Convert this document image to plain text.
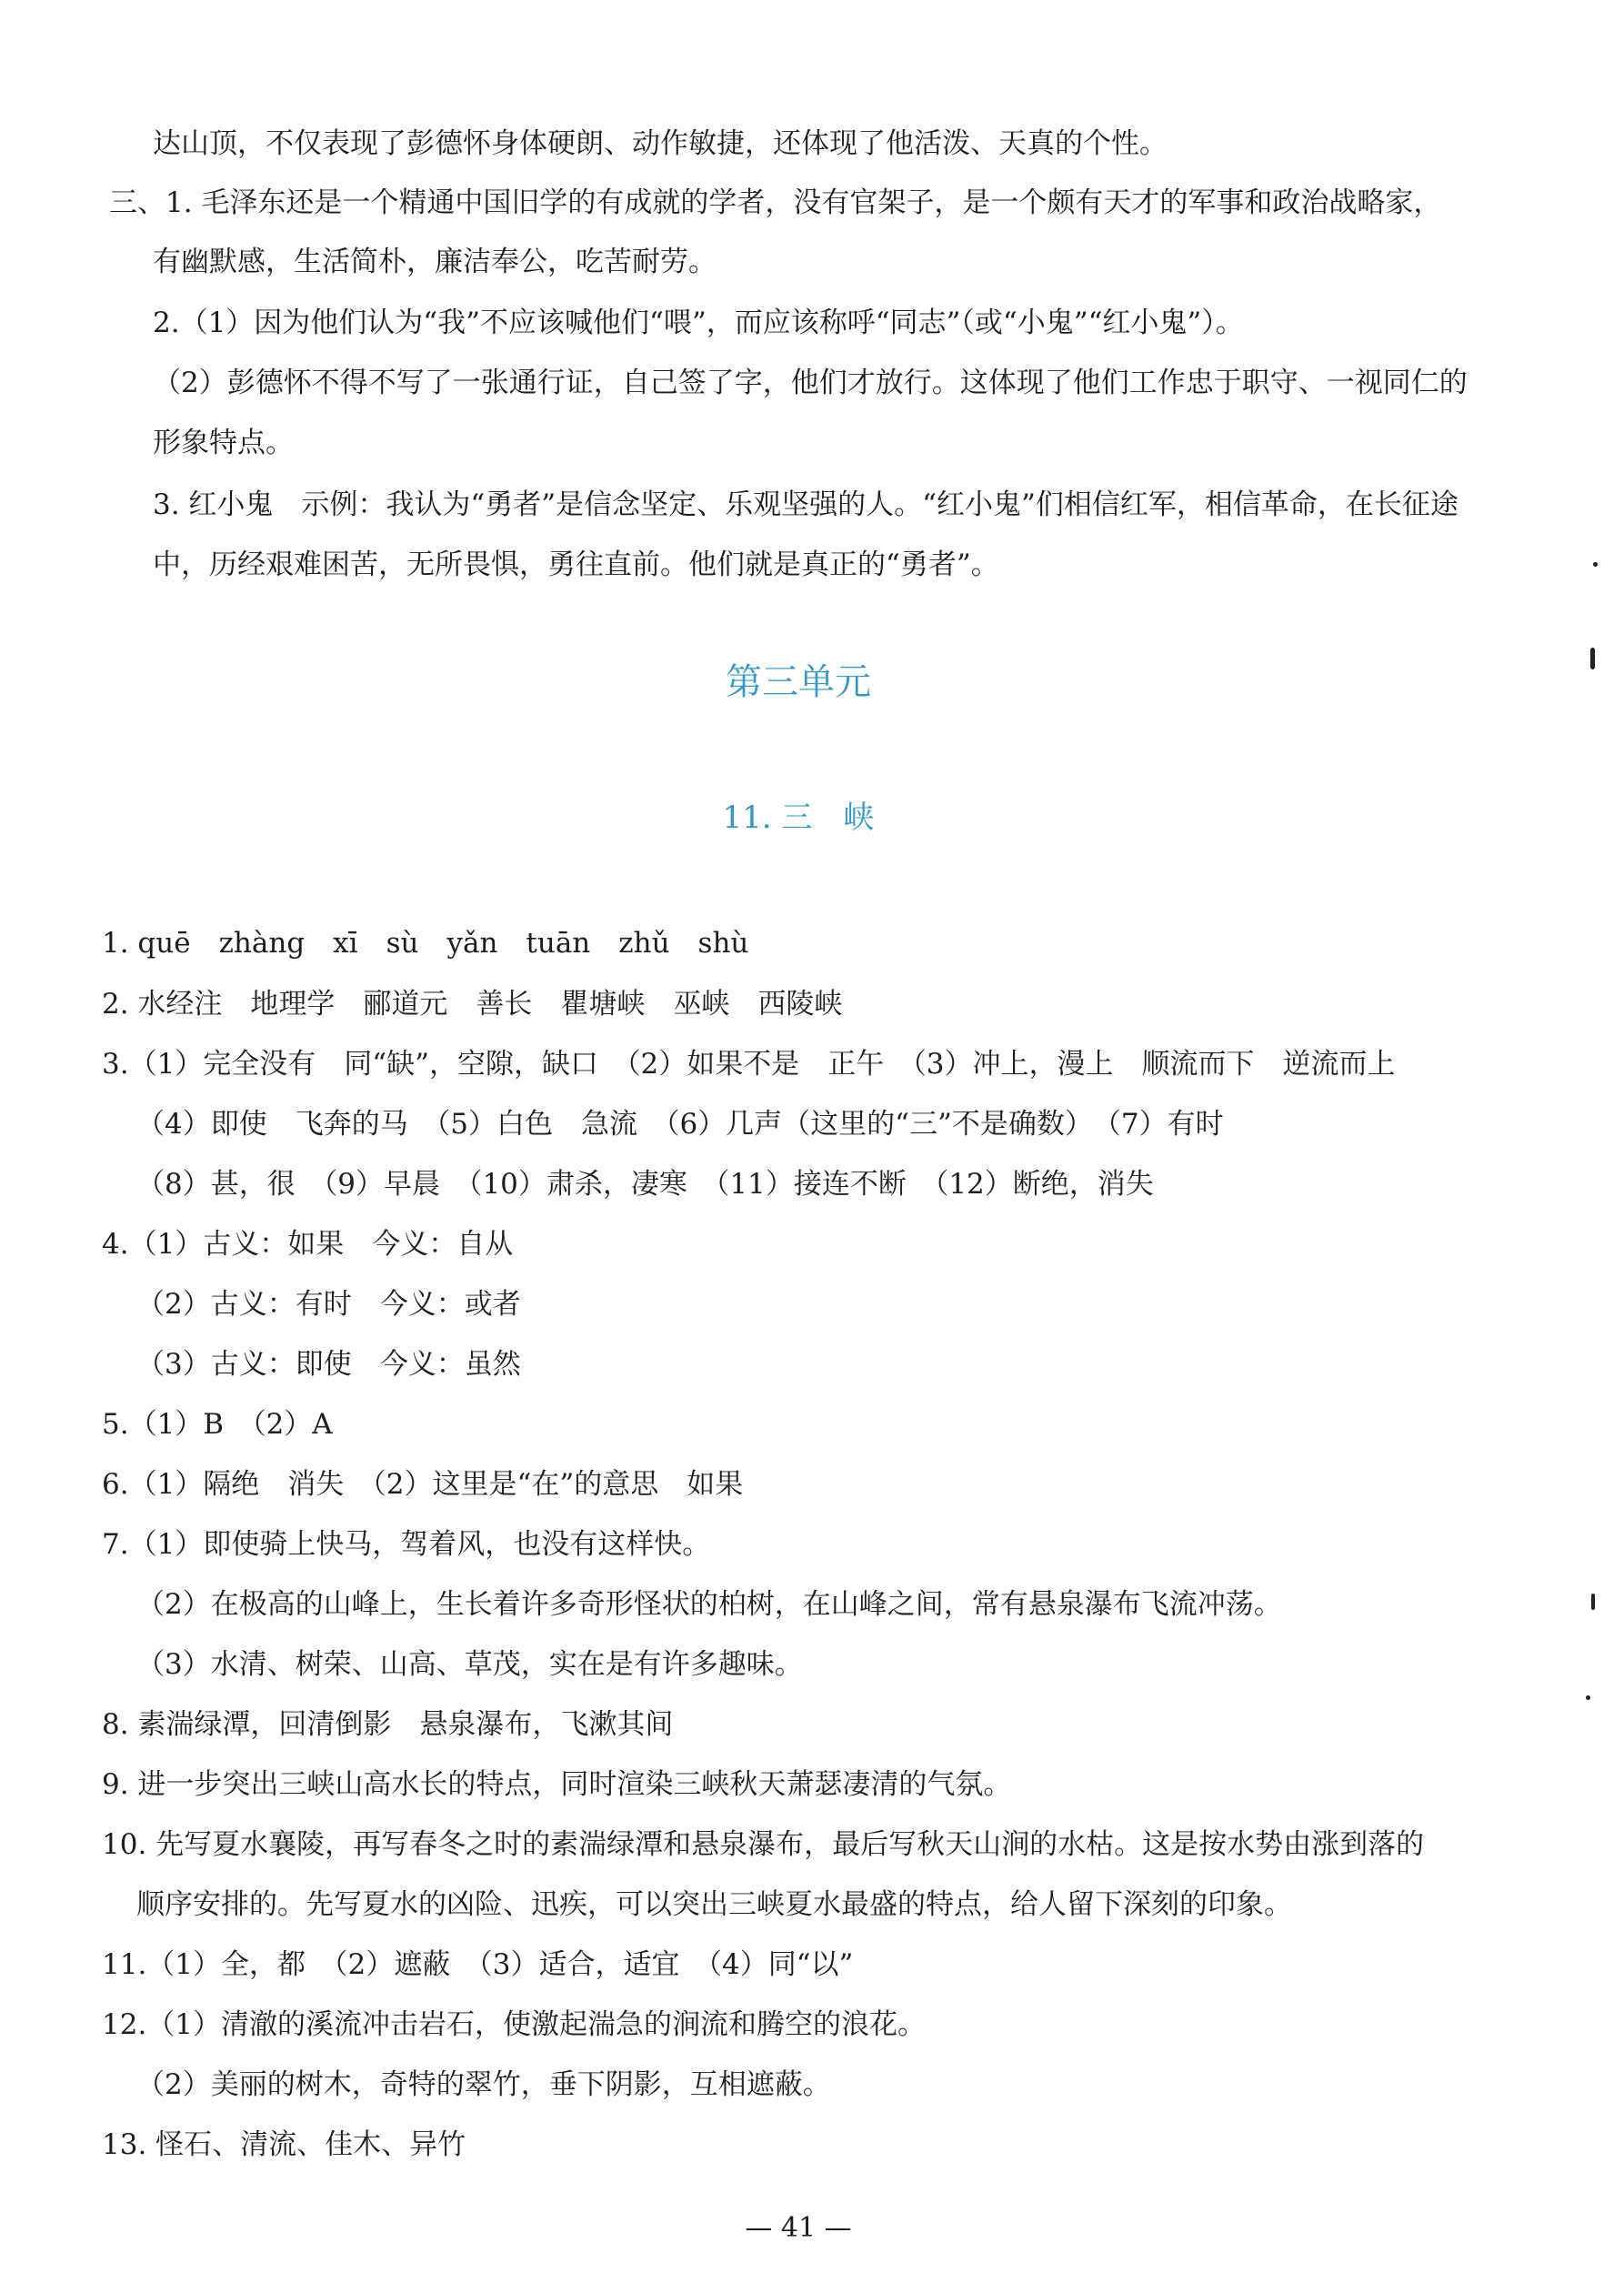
达山顶，不仅表现了彭德怀身体硬朗、动作敏捷，还体现了他活泼、天真的个性。
三、1. 毛泽东还是一个精通中国旧学的有成就的学者，没有官架子，是一个颇有天才的军事和政治战略家，
有幽默感，生活简朴，廉洁奉公，吃苦耐劳。
2.（1）因为他们认为“我”不应该喊他们“喂”，而应该称呼“同志”（或“小鬼”“红小鬼”）。
（2）彭德怀不得不写了一张通行证，自己签了字，他们才放行。这体现了他们工作忠于职守、一视同仁的
形象特点。
3. 红小鬼　示例：我认为“勇者”是信念坚定、乐观坚强的人。“红小鬼”们相信红军，相信革命，在长征途
中，历经艰难困苦，无所畏惧，勇往直前。他们就是真正的“勇者”。
第三单元
11. 三　峡
1. quē　zhàng　xī　sù　yǎn　tuān　zhǔ　shù
2. 水经注　地理学　郦道元　善长　瞿塘峡　巫峡　西陵峡
3.（1）完全没有　同“缺”，空隙，缺口　（2）如果不是　正午　（3）冲上，漫上　顺流而下　逆流而上
（4）即使　飞奔的马　（5）白色　急流　（6）几声（这里的“三”不是确数）　（7）有时
（8）甚，很　（9）早晨　（10）肃杀，凄寒　（11）接连不断　（12）断绝，消失
4.（1）古义：如果　今义：自从
（2）古义：有时　今义：或者
（3）古义：即使　今义：虽然
5.（1）B　（2）A
6.（1）隔绝　消失　（2）这里是“在”的意思　如果
7.（1）即使骑上快马，驾着风，也没有这样快。
（2）在极高的山峰上，生长着许多奇形怪状的柏树，在山峰之间，常有悬泉瀑布飞流冲荡。
（3）水清、树荣、山高、草茂，实在是有许多趣味。
8. 素湍绿潭，回清倒影　悬泉瀑布，飞漱其间
9. 进一步突出三峡山高水长的特点，同时渲染三峡秋天萧瑟凄清的气氛。
10. 先写夏水襄陵，再写春冬之时的素湍绿潭和悬泉瀑布，最后写秋天山涧的水枯。这是按水势由涨到落的
顺序安排的。先写夏水的凶险、迅疾，可以突出三峡夏水最盛的特点，给人留下深刻的印象。
11.（1）全，都　（2）遮蔽　（3）适合，适宜　（4）同“以”
12.（1）清澈的溪流冲击岩石，使激起湍急的涧流和腾空的浪花。
（2）美丽的树木，奇特的翠竹，垂下阴影，互相遮蔽。
13. 怪石、清流、佳木、异竹
— 41 —
